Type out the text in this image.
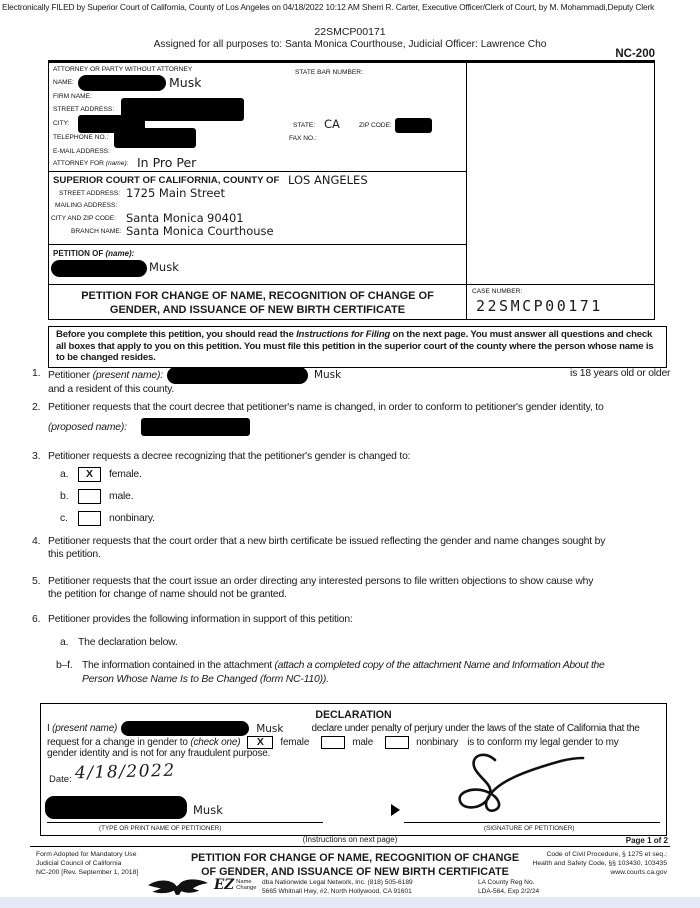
Electronically FILED by Superior Court of California, County of Los Angeles on 04/18/2022 10:12 AM Sherri R. Carter, Executive Officer/Clerk of Court, by M. Mohammadi,Deputy Clerk
22SMCP00171
Assigned for all purposes to: Santa Monica Courthouse, Judicial Officer: Lawrence Cho
NC-200
ATTORNEY OR PARTY WITHOUT ATTORNEY	STATE BAR NUMBER:
NAME:	Musk
FIRM NAME:
STREET ADDRESS:
CITY:	STATE: CA	ZIP CODE:
TELEPHONE NO.:	FAX NO.:
E-MAIL ADDRESS:
ATTORNEY FOR (name): In Pro Per
SUPERIOR COURT OF CALIFORNIA, COUNTY OF LOS ANGELES
STREET ADDRESS: 1725 Main Street
MAILING ADDRESS:
CITY AND ZIP CODE: Santa Monica 90401
BRANCH NAME: Santa Monica Courthouse
PETITION OF (name):
Musk
PETITION FOR CHANGE OF NAME, RECOGNITION OF CHANGE OF
GENDER, AND ISSUANCE OF NEW BIRTH CERTIFICATE
CASE NUMBER:
22SMCP00171
Before you complete this petition, you should read the Instructions for Filing on the next page. You must answer all questions and check all boxes that apply to you on this petition. You must file this petition in the superior court of the county where the person whose name is to be changed resides.
1. Petitioner (present name):	Musk	is 18 years old or older
and a resident of this county.
2. Petitioner requests that the court decree that petitioner's name is changed, in order to conform to petitioner's gender identity, to
(proposed name):
3. Petitioner requests a decree recognizing that the petitioner's gender is changed to:
a.	X	female.
b.	male.
c.	nonbinary.
4. Petitioner requests that the court order that a new birth certificate be issued reflecting the gender and name changes sought by
this petition.
5. Petitioner requests that the court issue an order directing any interested persons to file written objections to show cause why
the petition for change of name should not be granted.
6. Petitioner provides the following information in support of this petition:
a. The declaration below.
b–f. The information contained in the attachment (attach a completed copy of the attachment Name and Information About the
Person Whose Name Is to Be Changed (form NC-110)).
DECLARATION
I (present name)	Musk	declare under penalty of perjury under the laws of the state of California that the
request for a change in gender to (check one)	X	female	male	nonbinary is to conform my legal gender to my
gender identity and is not for any fraudulent purpose.
Date: 4/18/2022
Musk
(TYPE OR PRINT NAME OF PETITIONER)	(SIGNATURE OF PETITIONER)
(Instructions on next page)	Page 1 of 2
Form Adopted for Mandatory Use
Judicial Council of California
NC-200 [Rev. September 1, 2018]
PETITION FOR CHANGE OF NAME, RECOGNITION OF CHANGE
OF GENDER, AND ISSUANCE OF NEW BIRTH CERTIFICATE
Code of Civil Procedure, § 1275 et seq.;
Health and Safety Code, §§ 103430, 103435
www.courts.ca.gov
EZ Name
Change
dba Nationwide Legal Network, Inc. (818) 505-6189
5665 Whitnall Hwy, #2, North Hollywood, CA 91601
LA County Reg No.
LDA-564, Exp 2/2/24
